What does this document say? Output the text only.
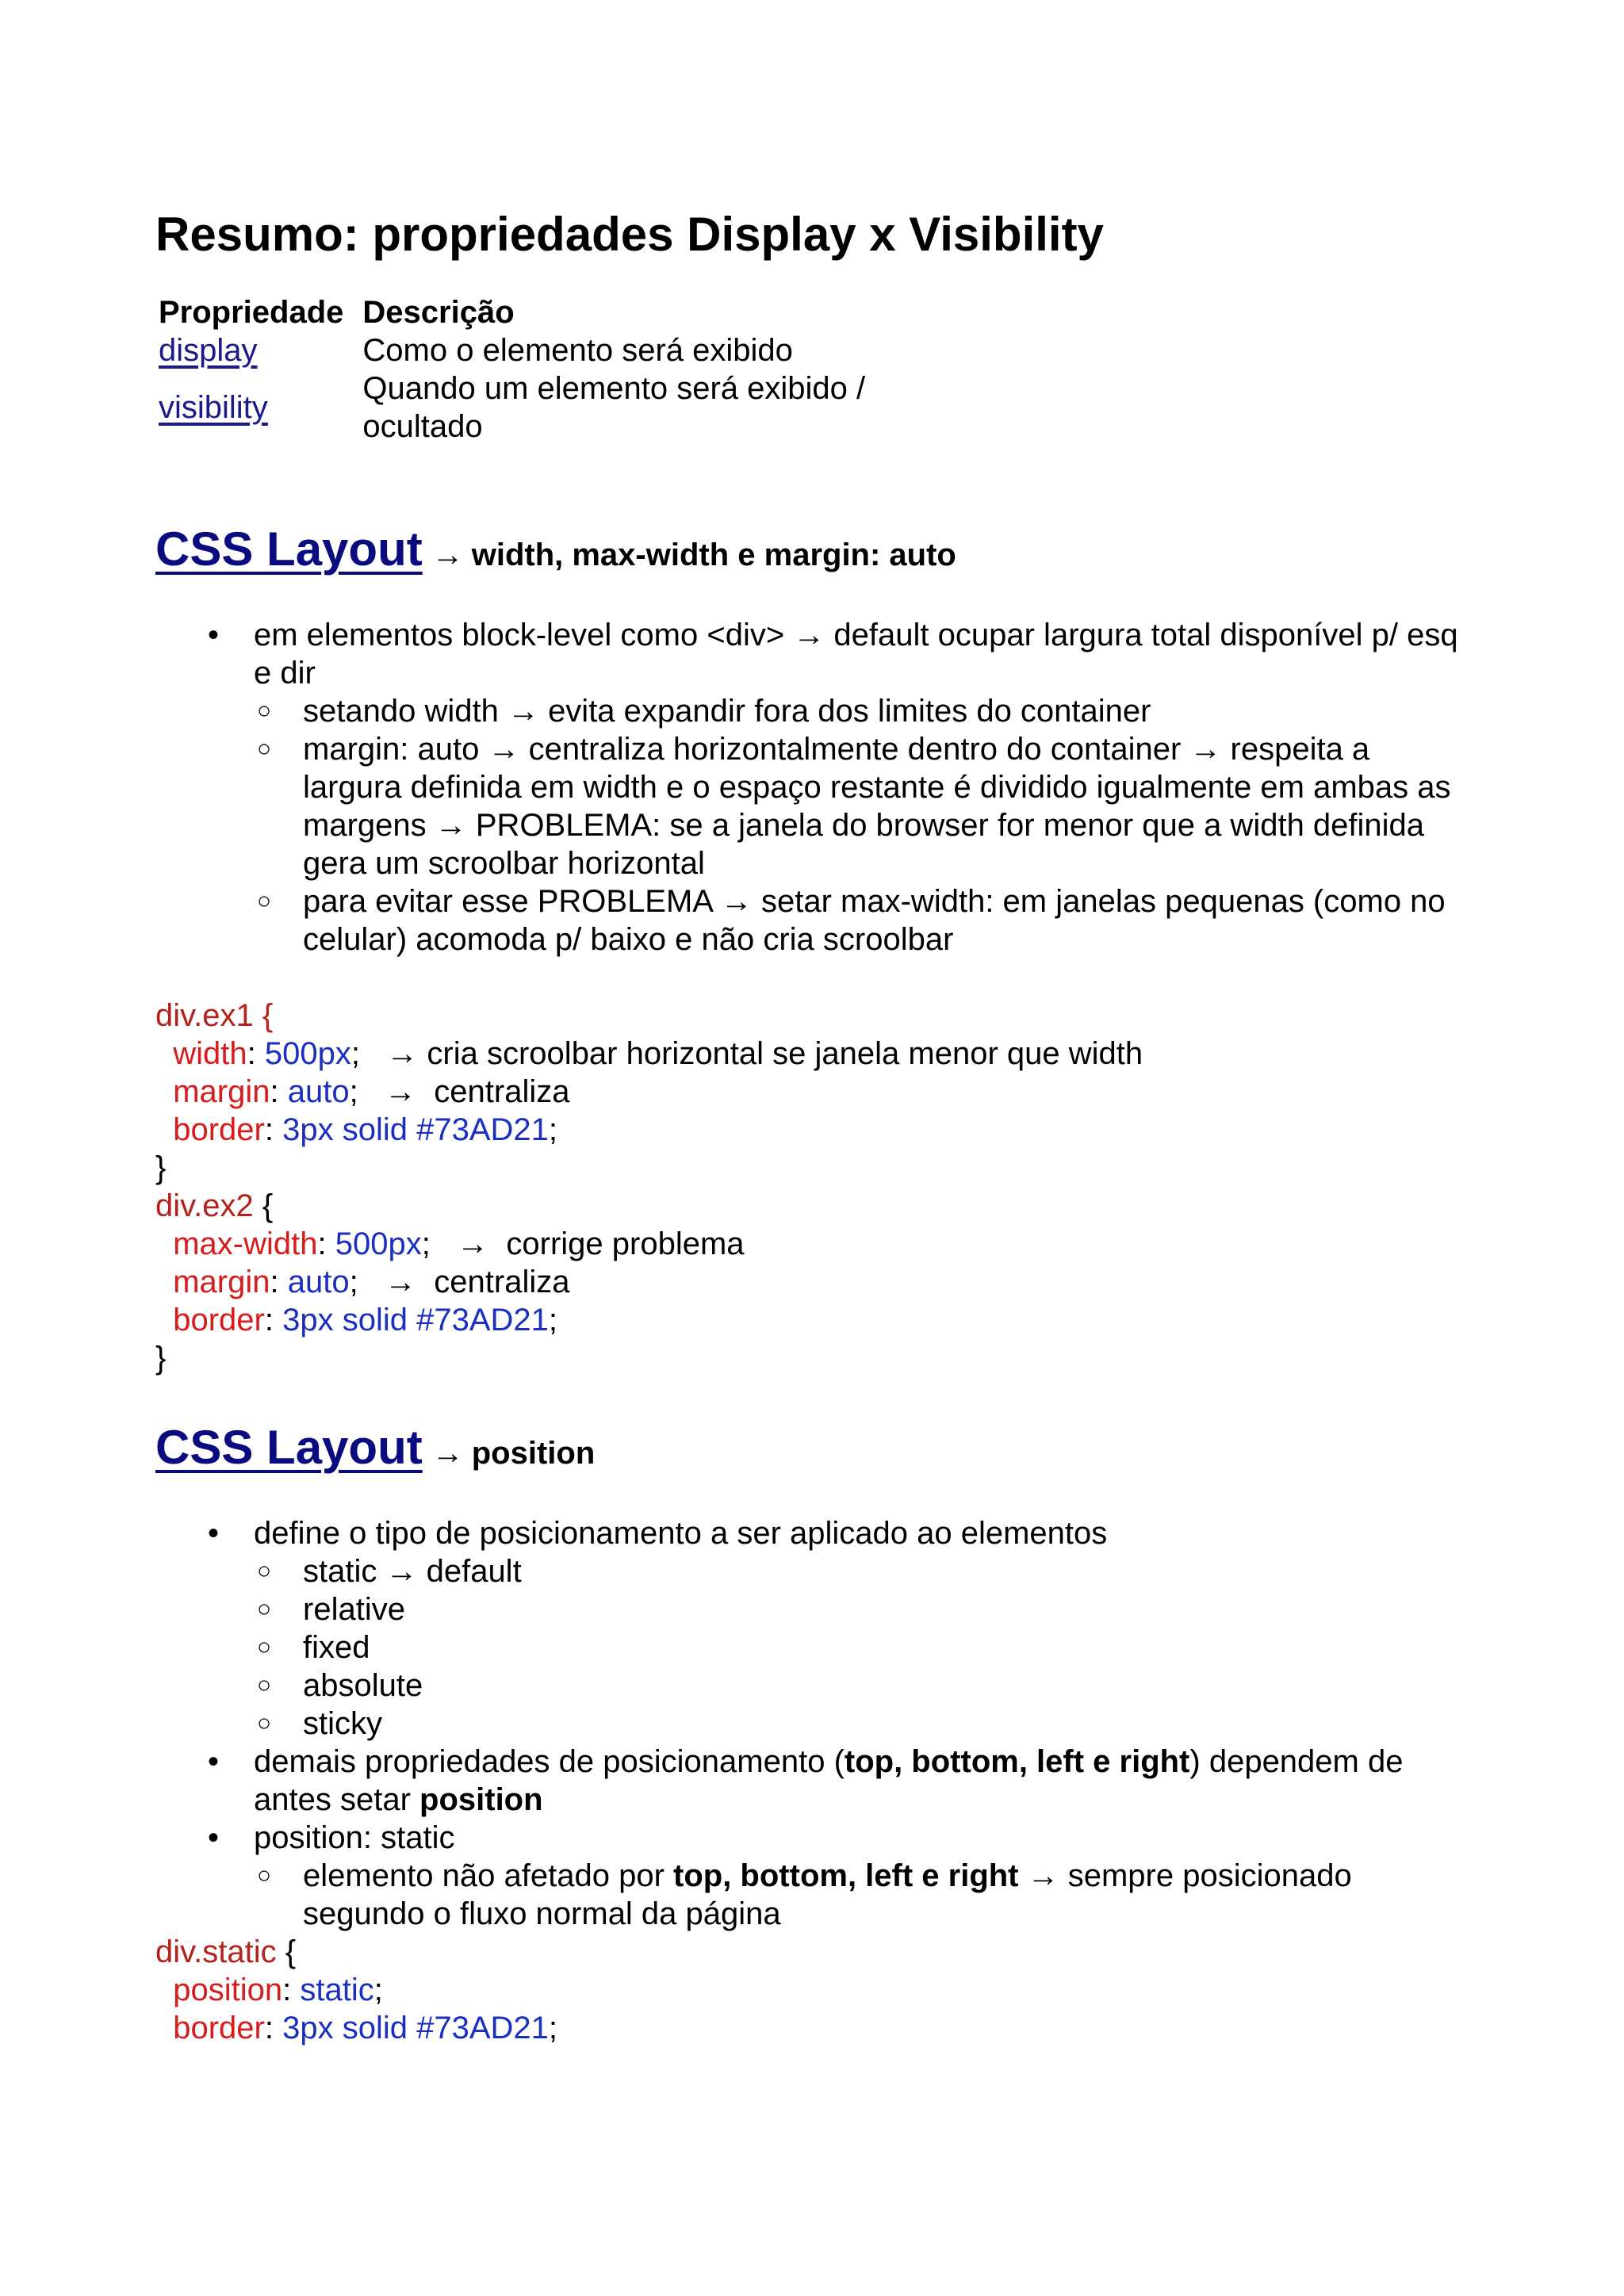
Resumo: propriedades Display x Visibility
Propriedade	Descrição
display	Como o elemento será exibido
visibility	Quando um elemento será exibido / ocultado
CSS Layout → width, max-width e margin: auto
• em elementos block-level como <div> → default ocupar largura total disponível p/ esq e dir
○ setando width → evita expandir fora dos limites do container
○ margin: auto → centraliza horizontalmente dentro do container → respeita a largura definida em width e o espaço restante é dividido igualmente em ambas as margens → PROBLEMA: se a janela do browser for menor que a width definida gera um scroolbar horizontal
○ para evitar esse PROBLEMA → setar max-width: em janelas pequenas (como no celular) acomoda p/ baixo e não cria scroolbar
div.ex1 {
width: 500px;   → cria scroolbar horizontal se janela menor que width
margin: auto;   →  centraliza
border: 3px solid #73AD21;
}
div.ex2 {
max-width: 500px;   →  corrige problema
margin: auto;   →  centraliza
border: 3px solid #73AD21;
}
CSS Layout → position
• define o tipo de posicionamento a ser aplicado ao elementos
○ static → default
○ relative
○ fixed
○ absolute
○ sticky
• demais propriedades de posicionamento (top, bottom, left e right) dependem de antes setar position
• position: static
○ elemento não afetado por top, bottom, left e right → sempre posicionado segundo o fluxo normal da página
div.static {
position: static;
border: 3px solid #73AD21;
